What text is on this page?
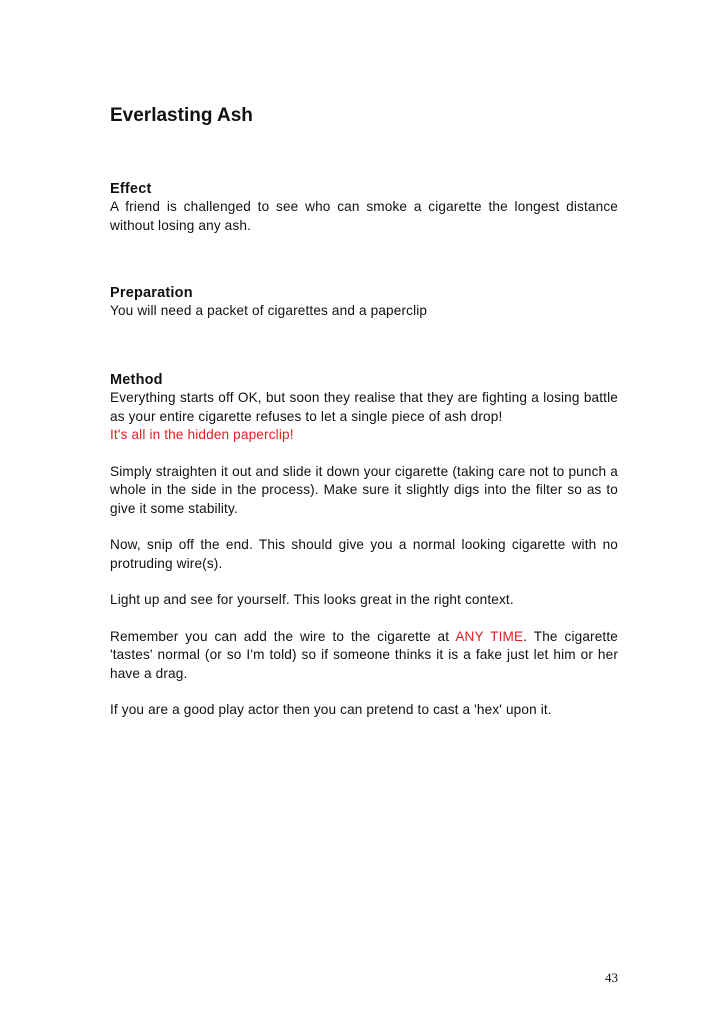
Everlasting Ash
Effect

A friend is challenged to see who can smoke a cigarette the longest distance without losing any ash.

Preparation

You will need a packet of cigarettes and a paperclip

Method

Everything starts off OK, but soon they realise that they are fighting a losing battle as your entire cigarette refuses to let a single piece of ash drop!
It's all in the hidden paperclip!

Simply straighten it out and slide it down your cigarette (taking care not to punch a whole in the side in the process). Make sure it slightly digs into the filter so as to give it some stability.

Now, snip off the end. This should give you a normal looking cigarette with no protruding wire(s).

Light up and see for yourself. This looks great in the right context.

Remember you can add the wire to the cigarette at ANY TIME. The cigarette 'tastes' normal (or so I'm told) so if someone thinks it is a fake just let him or her have a drag.

If you are a good play actor then you can pretend to cast a 'hex' upon it.

43
